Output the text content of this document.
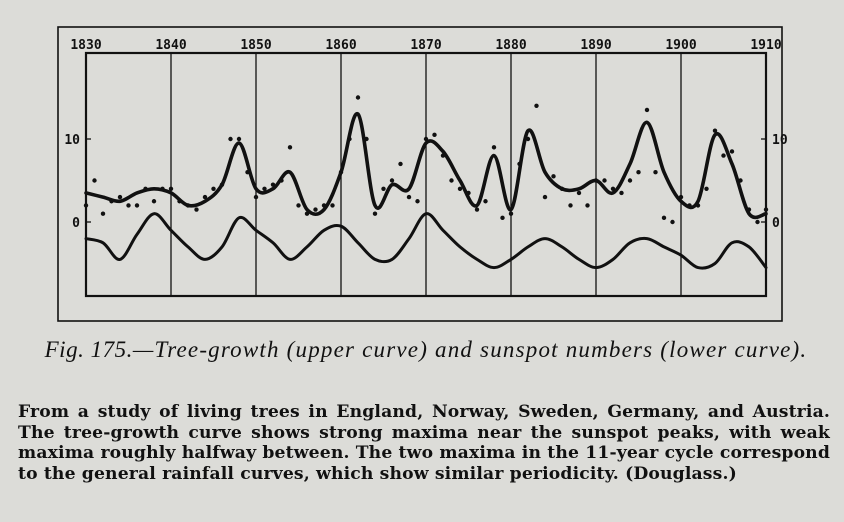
1830	1840	1850	1860	1870	1880	1890	1900	1910
0
10
0
10
Fig. 175.—Tree-growth (upper curve) and sunspot numbers (lower curve).
From a study of living trees in England, Norway, Sweden, Germany, and Austria. The tree-growth curve shows strong maxima near the sunspot peaks, with weak maxima roughly halfway between. The two maxima in the 11-year cycle correspond to the general rainfall curves, which show similar periodicity. (Douglass.)
